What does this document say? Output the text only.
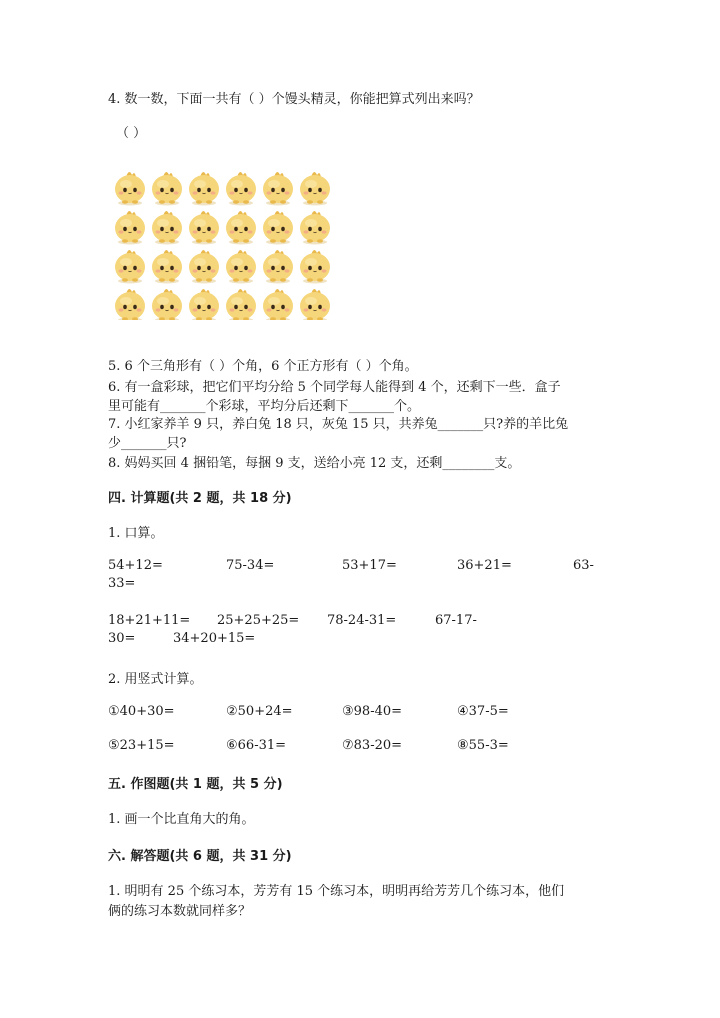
4. 数一数，下面一共有（ ）个馒头精灵，你能把算式列出来吗？
（ ）
5. 6 个三角形有（ ）个角，6 个正方形有（ ）个角。
6. 有一盒彩球，把它们平均分给 5 个同学每人能得到 4 个，还剩下一些．盒子
里可能有_______个彩球，平均分后还剩下_______个。
7. 小红家养羊 9 只，养白兔 18 只，灰兔 15 只，共养兔_______只?养的羊比兔
少_______只?
8. 妈妈买回 4 捆铅笔，每捆 9 支，送给小亮 12 支，还剩________支。
四. 计算题(共 2 题，共 18 分)
1. 口算。
54+12=	75-34=	53+17=	36+21=	63-
33=
18+21+11= 25+25+25= 78-24-31=	67-17-
30=	34+20+15=
2. 用竖式计算。
①40+30=	②50+24=	③98-40=	④37-5=
⑤23+15=	⑥66-31=	⑦83-20=	⑧55-3=
五. 作图题(共 1 题，共 5 分)
1. 画一个比直角大的角。
六. 解答题(共 6 题，共 31 分)
1. 明明有 25 个练习本，芳芳有 15 个练习本，明明再给芳芳几个练习本，他们
俩的练习本数就同样多？
